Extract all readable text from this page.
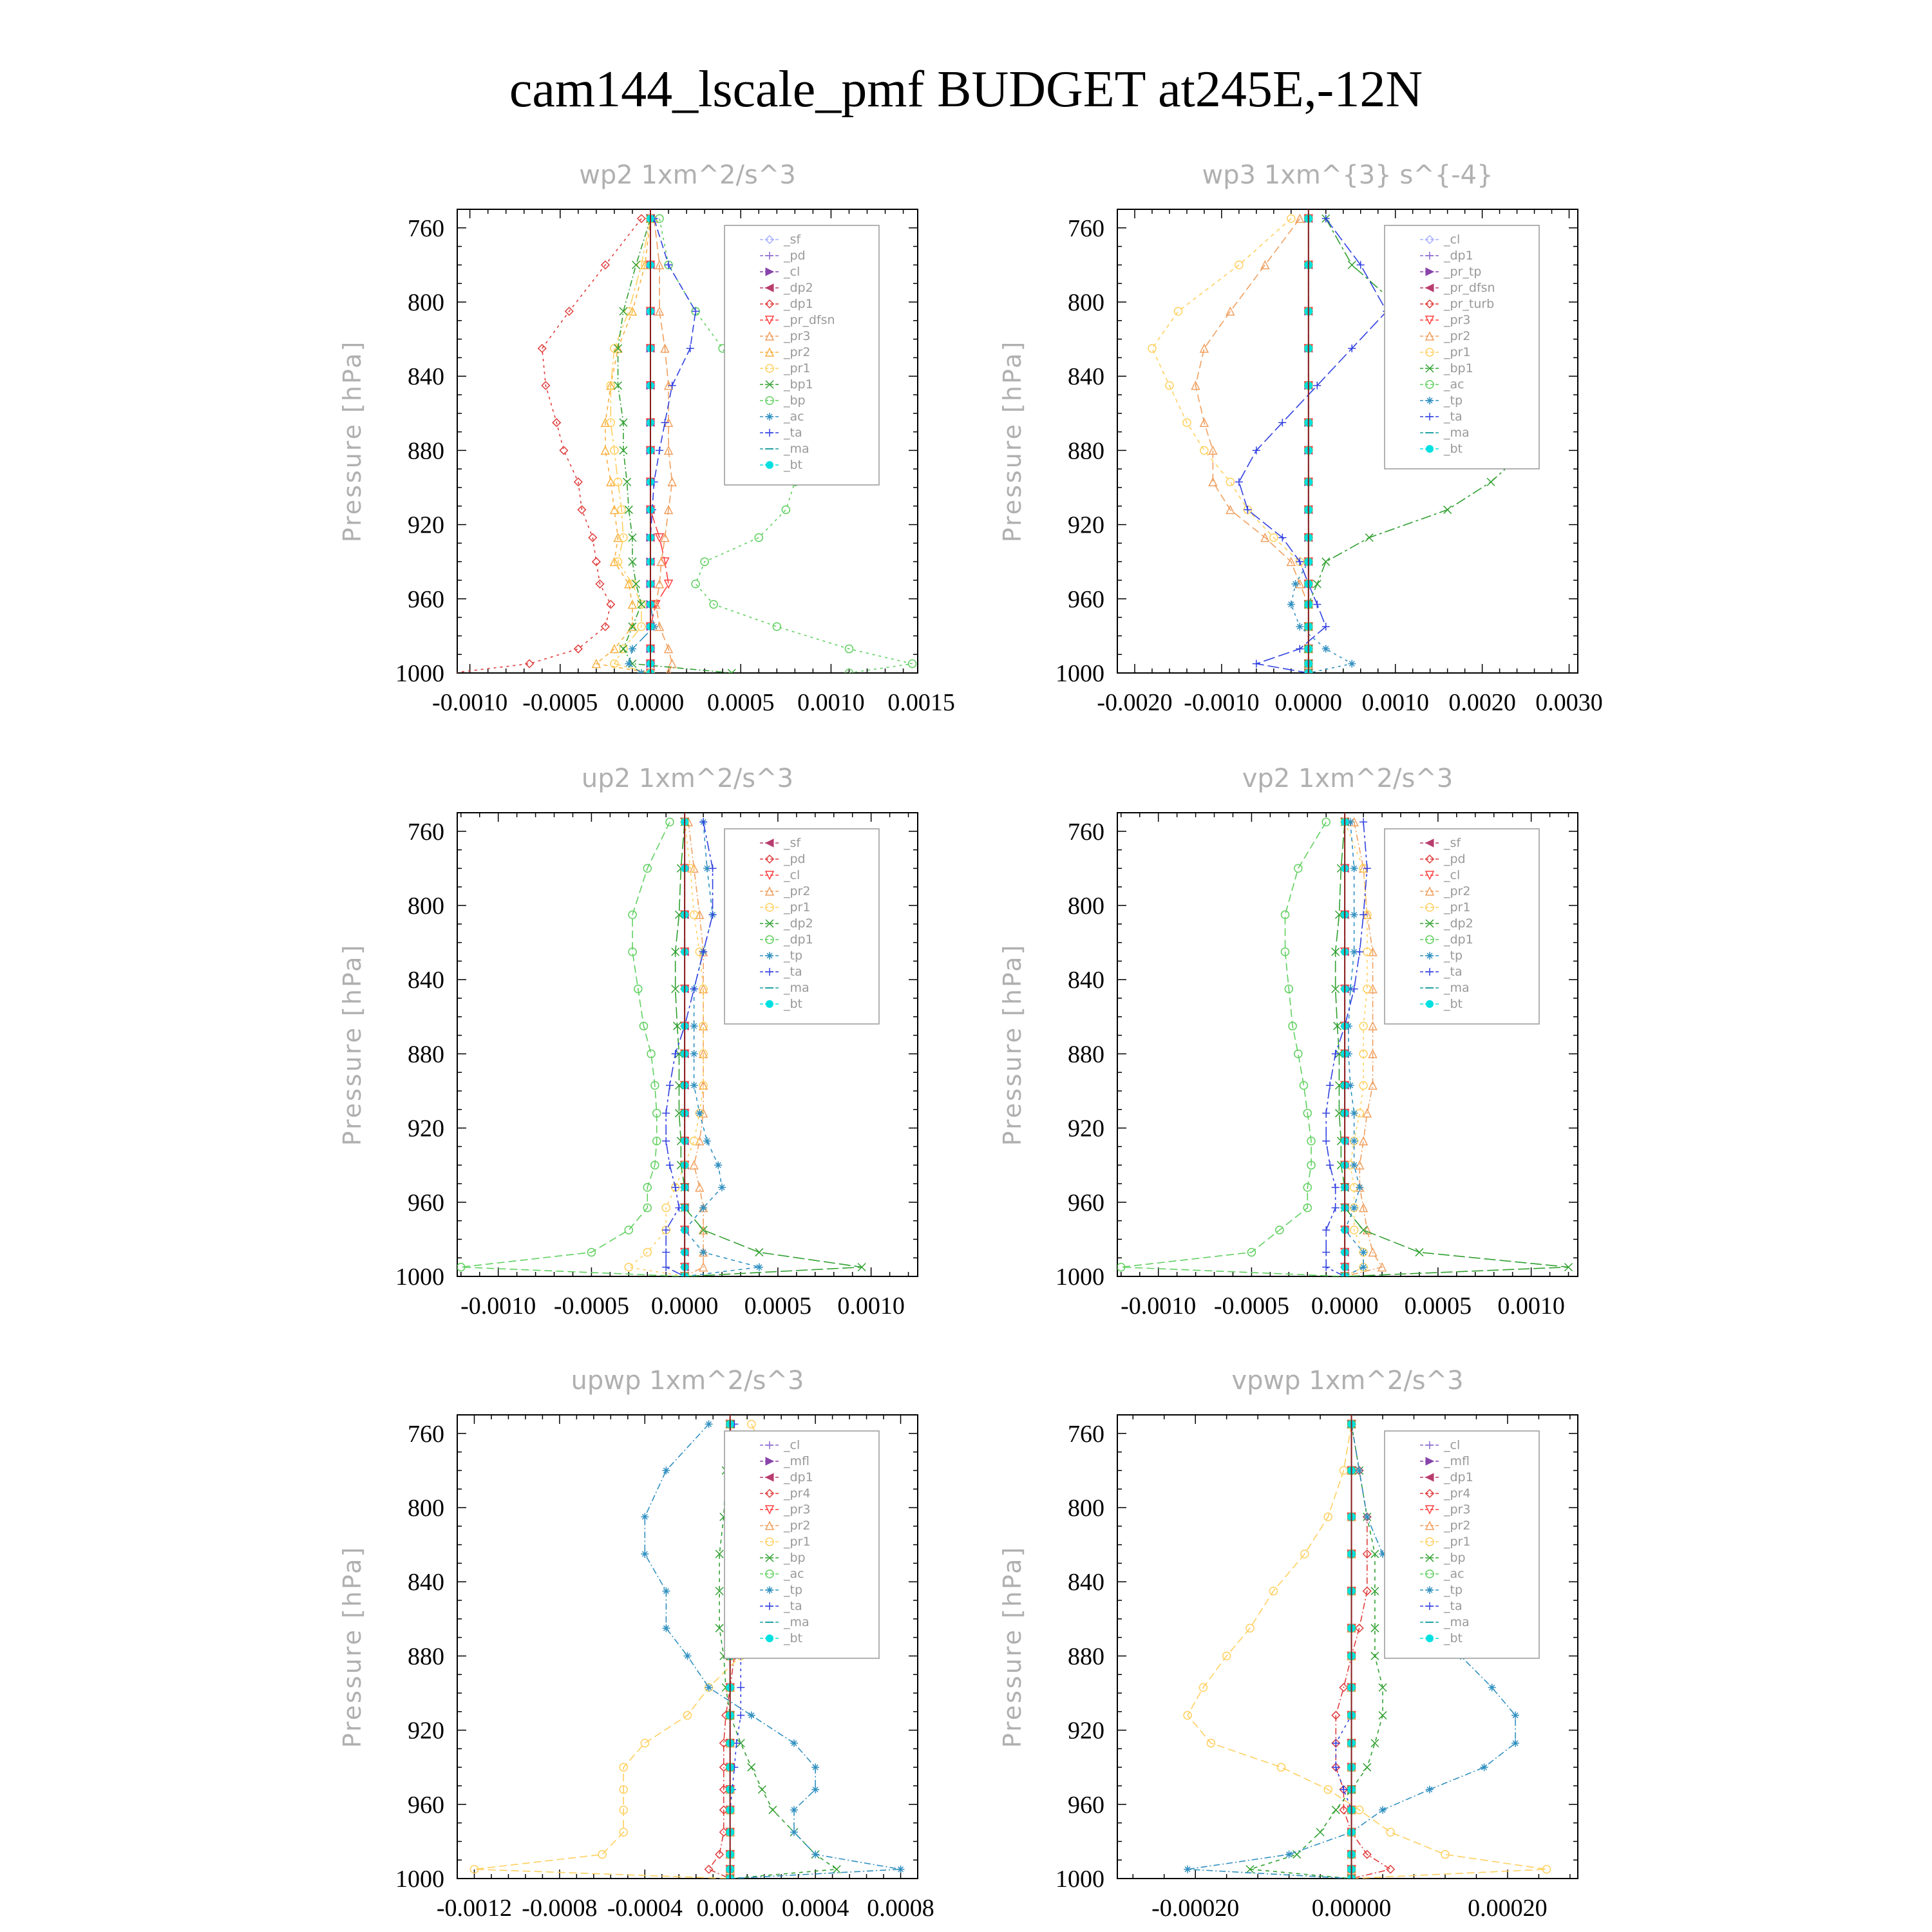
cam144_lscale_pmf BUDGET at245E,-12N
wp2 1xm^2/s^3
Pressure [hPa]
760
800
840
880
920
960
1000
-0.0010 -0.0005 0.0000 0.0005 0.0010 0.0015
_sf
_pd
_cl
_dp2
_dp1
_pr_dfsn
_pr3
_pr2
_pr1
_bp1
_bp
_ac
_ta
_ma
_bt
wp3 1xm^{3} s^{-4}
Pressure [hPa]
760
800
840
880
920
960
1000
-0.0020 -0.0010 0.0000 0.0010 0.0020 0.0030
_cl
_dp1
_pr_tp
_pr_dfsn
_pr_turb
_pr3
_pr2
_pr1
_bp1
_ac
_tp
_ta
_ma
_bt
up2 1xm^2/s^3
Pressure [hPa]
760
800
840
880
920
960
1000
-0.0010 -0.0005 0.0000 0.0005 0.0010
_sf
_pd
_cl
_pr2
_pr1
_dp2
_dp1
_tp
_ta
_ma
_bt
vp2 1xm^2/s^3
Pressure [hPa]
760
800
840
880
920
960
1000
-0.0010 -0.0005 0.0000 0.0005 0.0010
_sf
_pd
_cl
_pr2
_pr1
_dp2
_dp1
_tp
_ta
_ma
_bt
upwp 1xm^2/s^3
Pressure [hPa]
760
800
840
880
920
960
1000
-0.0012 -0.0008 -0.0004 0.0000 0.0004 0.0008
_cl
_mfl
_dp1
_pr4
_pr3
_pr2
_pr1
_bp
_ac
_tp
_ta
_ma
_bt
vpwp 1xm^2/s^3
Pressure [hPa]
760
800
840
880
920
960
1000
-0.00020	0.00000	0.00020
_cl
_mfl
_dp1
_pr4
_pr3
_pr2
_pr1
_bp
_ac
_tp
_ta
_ma
_bt
